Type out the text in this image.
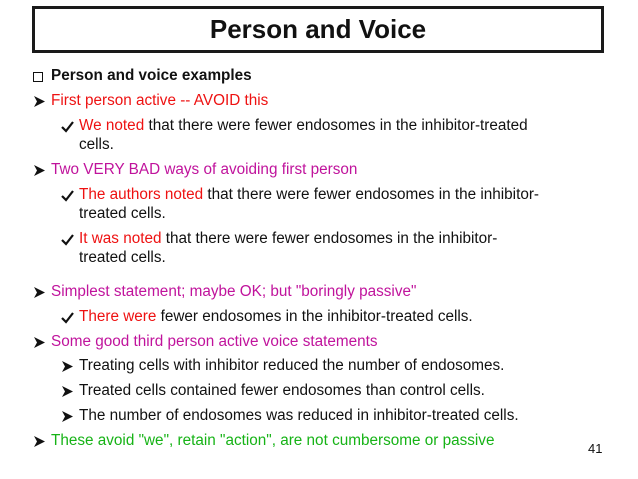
Person and Voice
Person and voice examples
First person active -- AVOID this
We noted that there were fewer endosomes in the inhibitor-treated
cells.
Two VERY BAD ways of avoiding first person
The authors noted that there were fewer endosomes in the inhibitor-
treated cells.
It was noted that there were fewer endosomes in the inhibitor-
treated cells.
Simplest statement; maybe OK; but "boringly passive"
There were fewer endosomes in the inhibitor-treated cells.
Some good third person active voice statements
Treating cells with inhibitor reduced the number of endosomes.
Treated cells contained fewer endosomes than control cells.
The number of endosomes was reduced in inhibitor-treated cells.
These avoid "we", retain "action", are not cumbersome or passive	41
